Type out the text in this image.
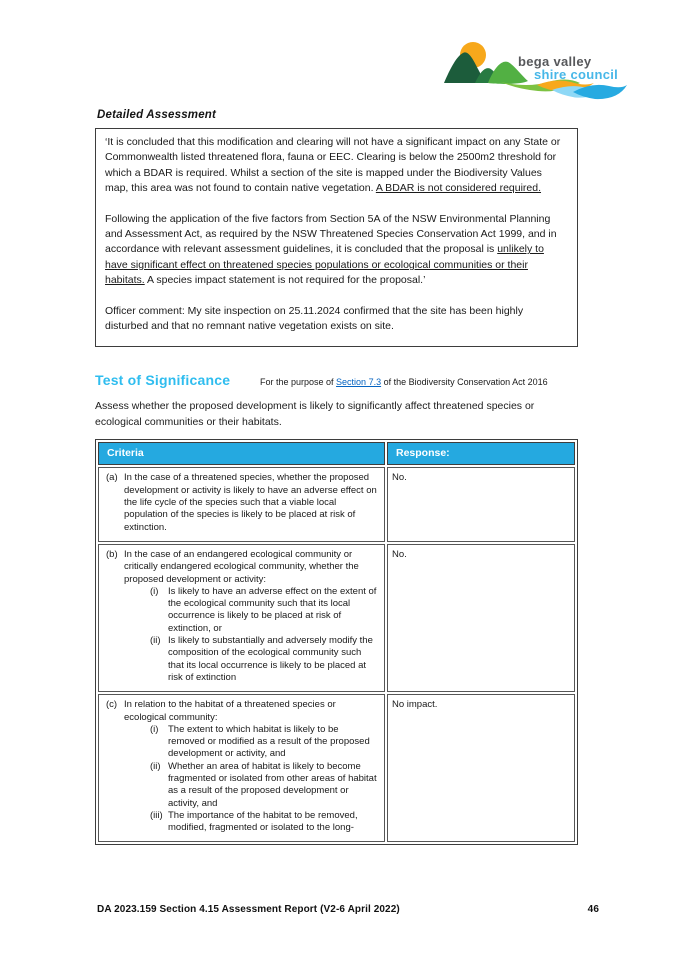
bega valley
shire council
Detailed Assessment

‘It is concluded that this modification and clearing will not have a significant impact on any State or Commonwealth listed threatened flora, fauna or EEC. Clearing is below the 2500m2 threshold for which a BDAR is required. Whilst a section of the site is mapped under the Biodiversity Values map, this area was not found to contain native vegetation. A BDAR is not considered required.

Following the application of the five factors from Section 5A of the NSW Environmental Planning and Assessment Act, as required by the NSW Threatened Species Conservation Act 1999, and in accordance with relevant assessment guidelines, it is concluded that the proposal is unlikely to have significant effect on threatened species populations or ecological communities or their habitats. A species impact statement is not required for the proposal.’

Officer comment: My site inspection on 25.11.2024 confirmed that the site has been highly disturbed and that no remnant native vegetation exists on site.

Test of Significance	For the purpose of Section 7.3 of the Biodiversity Conservation Act 2016

Assess whether the proposed development is likely to significantly affect threatened species or ecological communities or their habitats.

Criteria	Response:

(a) In the case of a threatened species, whether the proposed development or activity is likely to have an adverse effect on the life cycle of the species such that a viable local population of the species is likely to be placed at risk of extinction.	No.

(b) In the case of an endangered ecological community or critically endangered ecological community, whether the proposed development or activity:
(i)	Is likely to have an adverse effect on the extent of the ecological community such that its local occurrence is likely to be placed at risk of extinction, or
(ii) Is likely to substantially and adversely modify the composition of the ecological community such that its local occurrence is likely to be placed at risk of extinction
	No.

(c) In relation to the habitat of a threatened species or ecological community:
(i)	The extent to which habitat is likely to be removed or modified as a result of the proposed development or activity, and
(ii) Whether an area of habitat is likely to become fragmented or isolated from other areas of habitat as a result of the proposed development or activity, and
(iii) The importance of the habitat to be removed, modified, fragmented or isolated to the long-
	No impact.
DA 2023.159 Section 4.15 Assessment Report (V2-6 April 2022)	46
